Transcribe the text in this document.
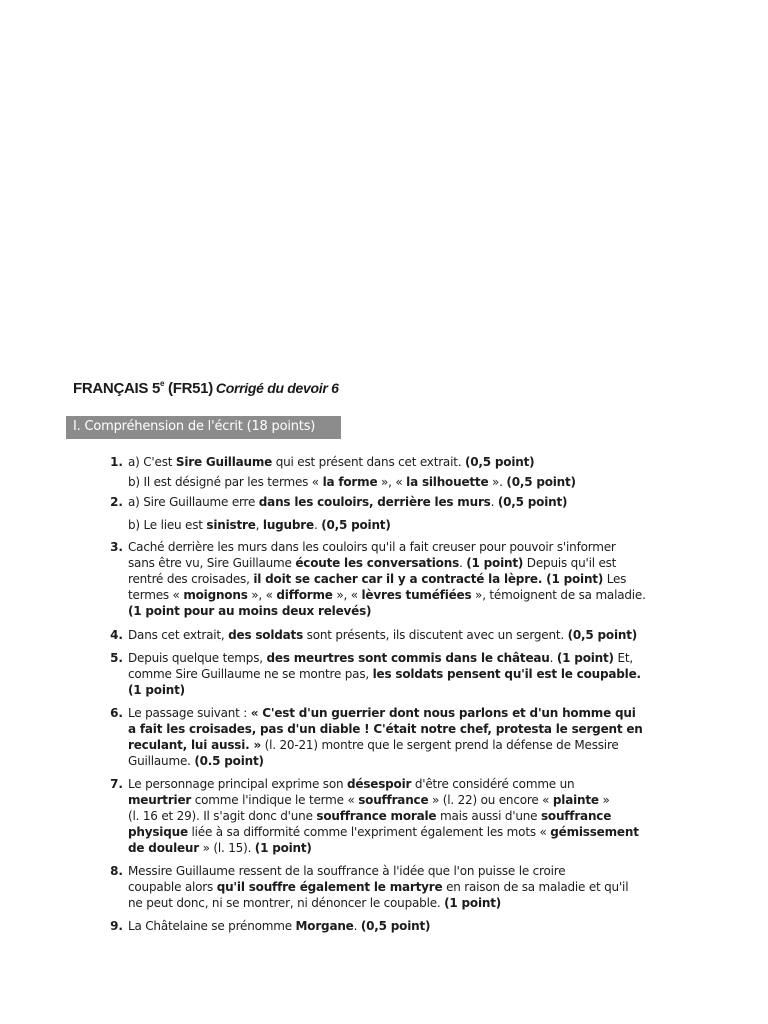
FRANÇAIS 5e (FR51) Corrigé du devoir 6
I. Compréhension de l'écrit (18 points)
1. a) C'est Sire Guillaume qui est présent dans cet extrait. (0,5 point)
b) Il est désigné par les termes « la forme », « la silhouette ». (0,5 point)
2. a) Sire Guillaume erre dans les couloirs, derrière les murs. (0,5 point)
b) Le lieu est sinistre, lugubre. (0,5 point)
3. Caché derrière les murs dans les couloirs qu'il a fait creuser pour pouvoir s'informer
sans être vu, Sire Guillaume écoute les conversations. (1 point) Depuis qu'il est
rentré des croisades, il doit se cacher car il y a contracté la lèpre. (1 point) Les
termes « moignons », « difforme », « lèvres tuméfiées », témoignent de sa maladie.
(1 point pour au moins deux relevés)
4. Dans cet extrait, des soldats sont présents, ils discutent avec un sergent. (0,5 point)
5. Depuis quelque temps, des meurtres sont commis dans le château. (1 point) Et,
comme Sire Guillaume ne se montre pas, les soldats pensent qu'il est le coupable.
(1 point)
6. Le passage suivant : « C'est d'un guerrier dont nous parlons et d'un homme qui
a fait les croisades, pas d'un diable ! C'était notre chef, protesta le sergent en
reculant, lui aussi. » (l. 20-21) montre que le sergent prend la défense de Messire
Guillaume. (0.5 point)
7. Le personnage principal exprime son désespoir d'être considéré comme un
meurtrier comme l'indique le terme « souffrance » (l. 22) ou encore « plainte »
(l. 16 et 29). Il s'agit donc d'une souffrance morale mais aussi d'une souffrance
physique liée à sa difformité comme l'expriment également les mots « gémissement
de douleur » (l. 15). (1 point)
8. Messire Guillaume ressent de la souffrance à l'idée que l'on puisse le croire
coupable alors qu'il souffre également le martyre en raison de sa maladie et qu'il
ne peut donc, ni se montrer, ni dénoncer le coupable. (1 point)
9. La Châtelaine se prénomme Morgane. (0,5 point)
